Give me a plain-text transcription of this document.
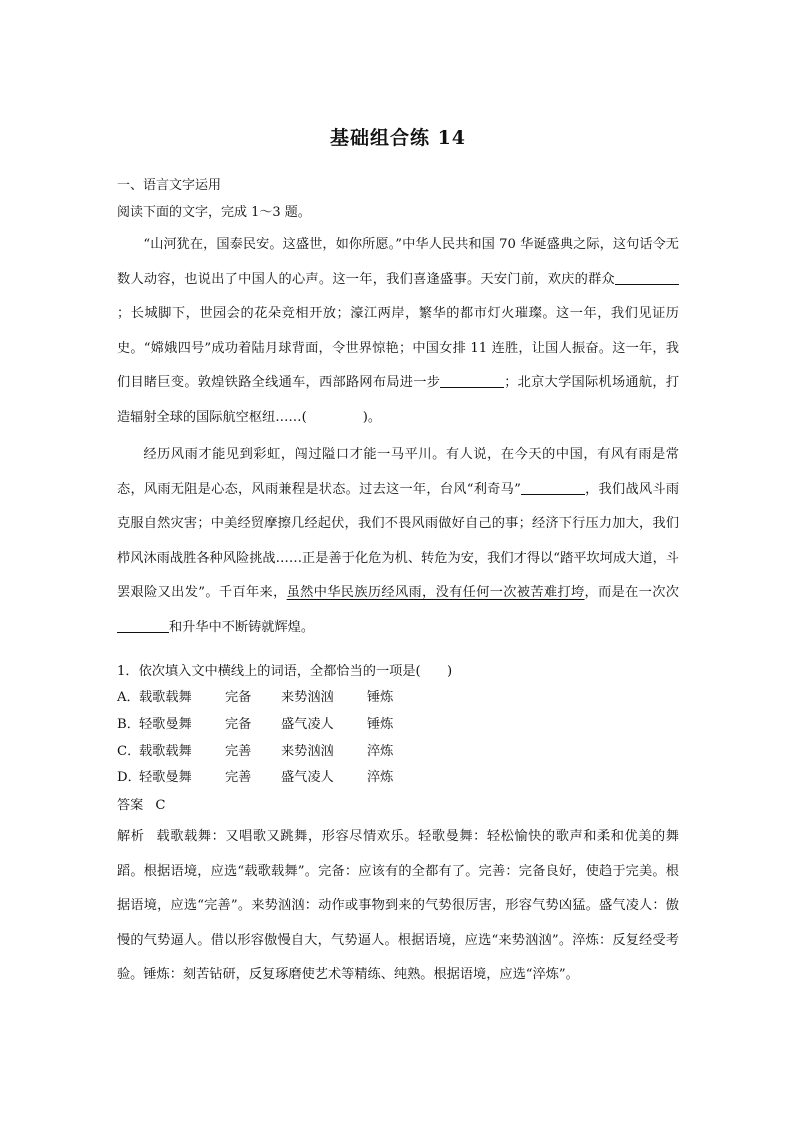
基础组合练 14
一、语言文字运用
阅读下面的文字，完成 1～3 题。
“山河犹在，国泰民安。这盛世，如你所愿。”中华人民共和国 70 华诞盛典之际，这句话令无数人动容，也说出了中国人的心声。这一年，我们喜逢盛事。天安门前，欢庆的群众；长城脚下，世园会的花朵竞相开放；濠江两岸，繁华的都市灯火璀璨。这一年，我们见证历史。“嫦娥四号”成功着陆月球背面，令世界惊艳；中国女排 11 连胜，让国人振奋。这一年，我们目睹巨变。敦煌铁路全线通车，西部路网布局进一步	；北京大学国际机场通航，打造辐射全球的国际航空枢纽……(	)。
经历风雨才能见到彩虹，闯过隘口才能一马平川。有人说，在今天的中国，有风有雨是常态，风雨无阻是心态，风雨兼程是状态。过去这一年，台风“利奇马”	，我们战风斗雨克服自然灾害；中美经贸摩擦几经起伏，我们不畏风雨做好自己的事；经济下行压力加大，我们栉风沐雨战胜各种风险挑战……正是善于化危为机、转危为安，我们才得以“踏平坎坷成大道，斗罢艰险又出发”。千百年来，虽然中华民族历经风雨，没有任何一次被苦难打垮，而是在一次次和升华中不断铸就辉煌。
1．依次填入文中横线上的词语，全都恰当的一项是(　　)
A．载歌载舞	完备 来势汹汹	锤炼
B．轻歌曼舞	完备 盛气凌人	锤炼
C．载歌载舞	完善 来势汹汹	淬炼
D．轻歌曼舞	完善 盛气凌人	淬炼
答案 C
解析 载歌载舞：又唱歌又跳舞，形容尽情欢乐。轻歌曼舞：轻松愉快的歌声和柔和优美的舞蹈。根据语境，应选“载歌载舞”。完备：应该有的全都有了。完善：完备良好，使趋于完美。根据语境，应选“完善”。来势汹汹：动作或事物到来的气势很厉害，形容气势凶猛。盛气凌人：傲慢的气势逼人。借以形容傲慢自大，气势逼人。根据语境，应选“来势汹汹”。淬炼：反复经受考验。锤炼：刻苦钻研，反复琢磨使艺术等精练、纯熟。根据语境，应选“淬炼”。
